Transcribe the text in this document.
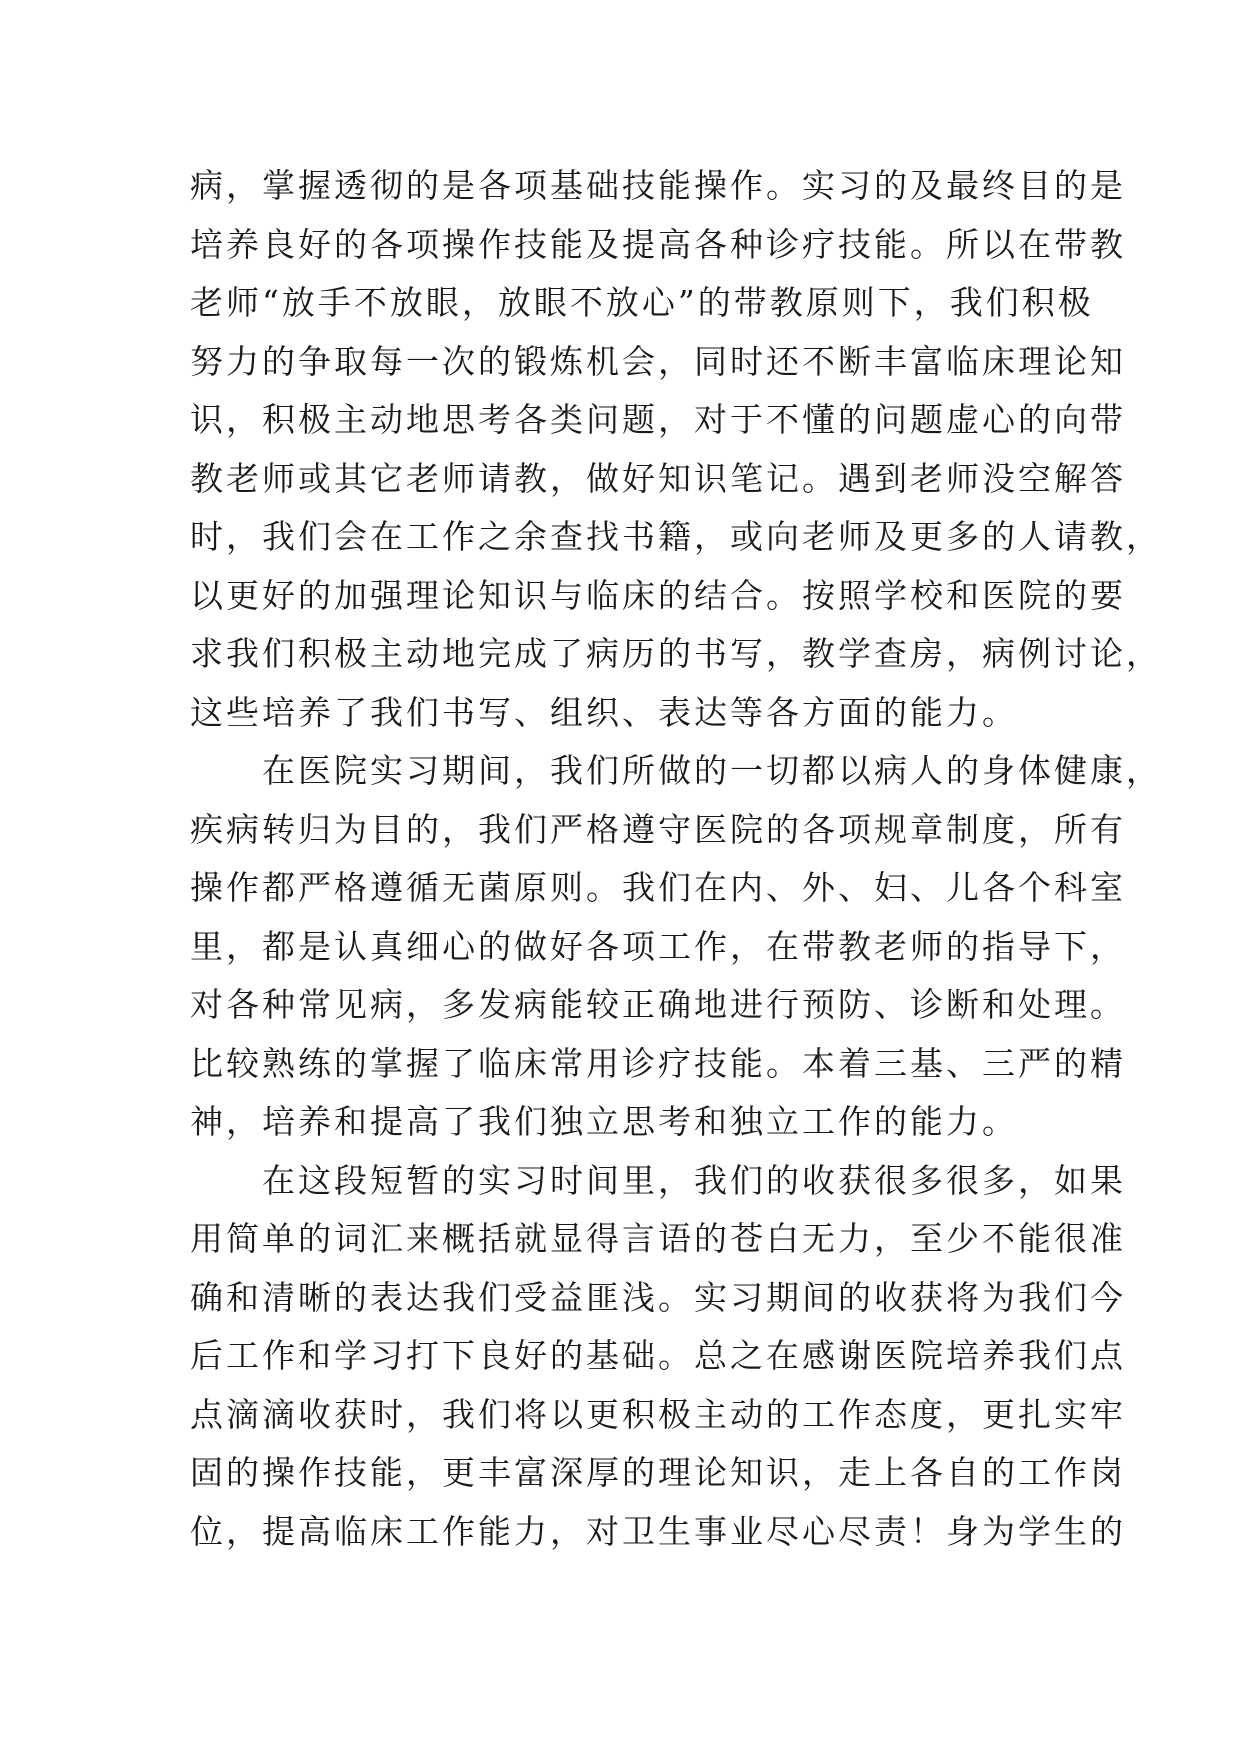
病，掌握透彻的是各项基础技能操作。实习的及最终目的是
培养良好的各项操作技能及提高各种诊疗技能。所以在带教
老师“放手不放眼，放眼不放心”的带教原则下，我们积极
努力的争取每一次的锻炼机会，同时还不断丰富临床理论知
识，积极主动地思考各类问题，对于不懂的问题虚心的向带
教老师或其它老师请教，做好知识笔记。遇到老师没空解答
时，我们会在工作之余查找书籍，或向老师及更多的人请教，
以更好的加强理论知识与临床的结合。按照学校和医院的要
求我们积极主动地完成了病历的书写，教学查房，病例讨论，
这些培养了我们书写、组织、表达等各方面的能力。
在医院实习期间，我们所做的一切都以病人的身体健康，
疾病转归为目的，我们严格遵守医院的各项规章制度，所有
操作都严格遵循无菌原则。我们在内、外、妇、儿各个科室
里，都是认真细心的做好各项工作，在带教老师的指导下，
对各种常见病，多发病能较正确地进行预防、诊断和处理。
比较熟练的掌握了临床常用诊疗技能。本着三基、三严的精
神，培养和提高了我们独立思考和独立工作的能力。
在这段短暂的实习时间里，我们的收获很多很多，如果
用简单的词汇来概括就显得言语的苍白无力，至少不能很准
确和清晰的表达我们受益匪浅。实习期间的收获将为我们今
后工作和学习打下良好的基础。总之在感谢医院培养我们点
点滴滴收获时，我们将以更积极主动的工作态度，更扎实牢
固的操作技能，更丰富深厚的理论知识，走上各自的工作岗
位，提高临床工作能力，对卫生事业尽心尽责！身为学生的
